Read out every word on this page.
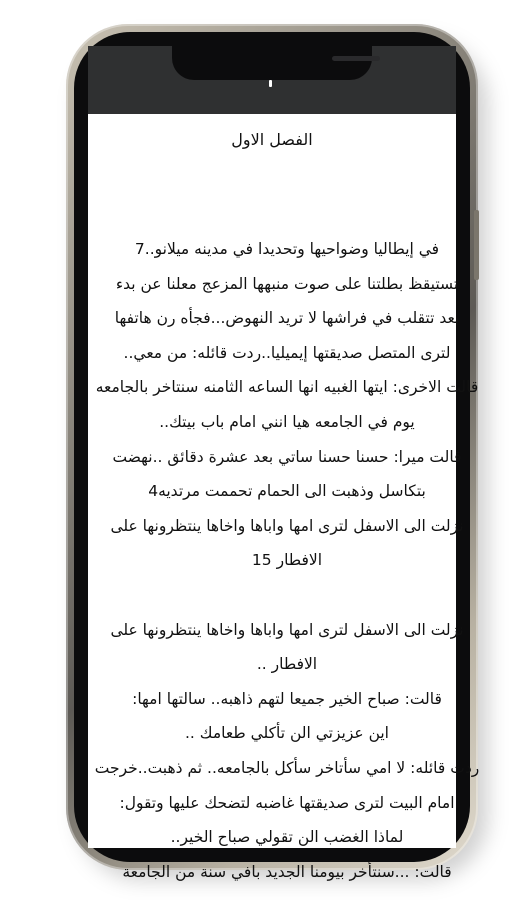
الفصل الاول
في إيطاليا وضواحيها وتحديدا في مدينه ميلانو..7
تستيقظ بطلتنا على صوت منبهها المزعج معلنا عن بدء
بعد تتقلب في فراشها لا تريد النهوض...فجأه رن هاتفها
لترى المتصل صديقتها إيميليا..ردت قائله: من معي..
قالت الاخرى: ايتها الغبيه انها الساعه الثامنه سنتاخر بالجامعه
يوم في الجامعه هيا انني امام باب بيتك..
قالت ميرا: حسنا حسنا ساتي بعد عشرة دقائق ..نهضت
بتكاسل وذهبت الى الحمام تحممت مرتديه4
نزلت الى الاسفل لترى امها واباها واخاها ينتظرونها على
الافطار 15
نزلت الى الاسفل لترى امها واباها واخاها ينتظرونها على
الافطار ..
قالت: صباح الخير جميعا لتهم ذاهبه.. سالتها امها:
اين عزيزتي الن تأكلي طعامك ..
ردت قائله: لا امي سأتاخر سأكل بالجامعه.. ثم ذهبت..خرجت
امام البيت لترى صديقتها غاضبه لتضحك عليها وتقول:
لماذا الغضب الن تقولي صباح الخير..
قالت: ...سنتأخر بيومنا الجديد بافي سنة من الجامعة
